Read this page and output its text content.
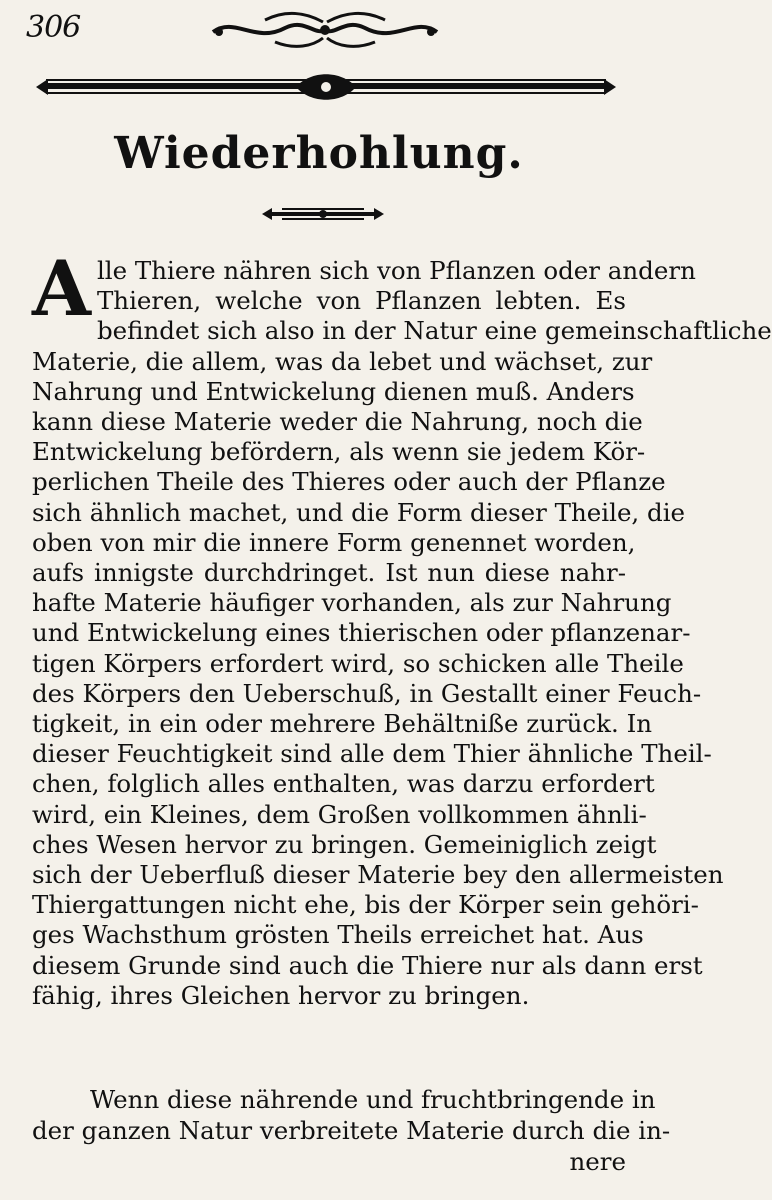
306
Wiederhohlung.
A lle Thiere nähren sich von Pflanzen oder andern
Thieren, welche von Pflanzen lebten. Es
befindet sich also in der Natur eine gemeinschaftliche
Materie, die allem, was da lebet und wächset, zur
Nahrung und Entwickelung dienen muß. Anders
kann diese Materie weder die Nahrung, noch die
Entwickelung befördern, als wenn sie jedem Kör-
perlichen Theile des Thieres oder auch der Pflanze
sich ähnlich machet, und die Form dieser Theile, die
oben von mir die innere Form genennet worden,
aufs innigste durchdringet. Ist nun diese nahr-
hafte Materie häufiger vorhanden, als zur Nahrung
und Entwickelung eines thierischen oder pflanzenar-
tigen Körpers erfordert wird, so schicken alle Theile
des Körpers den Ueberschuß, in Gestallt einer Feuch-
tigkeit, in ein oder mehrere Behältniße zurück. In
dieser Feuchtigkeit sind alle dem Thier ähnliche Theil-
chen, folglich alles enthalten, was darzu erfordert
wird, ein Kleines, dem Großen vollkommen ähnli-
ches Wesen hervor zu bringen. Gemeiniglich zeigt
sich der Ueberfluß dieser Materie bey den allermeisten
Thiergattungen nicht ehe, bis der Körper sein gehöri-
ges Wachsthum grösten Theils erreichet hat. Aus
diesem Grunde sind auch die Thiere nur als dann erst
fähig, ihres Gleichen hervor zu bringen.
Wenn diese nährende und fruchtbringende in
der ganzen Natur verbreitete Materie durch die in-
nere
